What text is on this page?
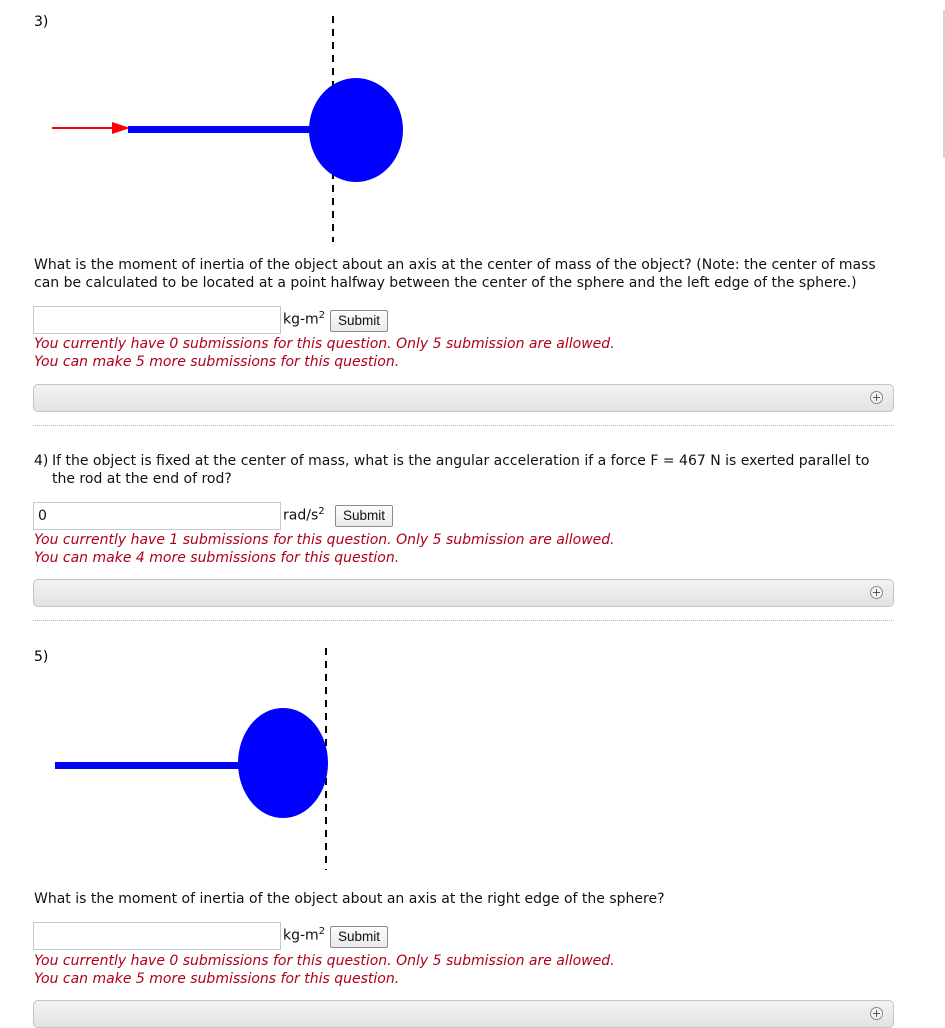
3)
What is the moment of inertia of the object about an axis at the center of mass of the object? (Note: the center of mass can be calculated to be located at a point halfway between the center of the sphere and the left edge of the sphere.)
$kg-m^2$ Submit
You currently have 0 submissions for this question. Only 5 submission are allowed.
You can make 5 more submissions for this question.
4) If the object is fixed at the center of mass, what is the angular acceleration if a force F = 467 N is exerted parallel to the rod at the end of rod?
0
rad/$s^2$	Submit
You currently have 1 submissions for this question. Only 5 submission are allowed.
You can make 4 more submissions for this question.
5)
What is the moment of inertia of the object about an axis at the right edge of the sphere?
$kg-m^2$ Submit
You currently have 0 submissions for this question. Only 5 submission are allowed.
You can make 5 more submissions for this question.
